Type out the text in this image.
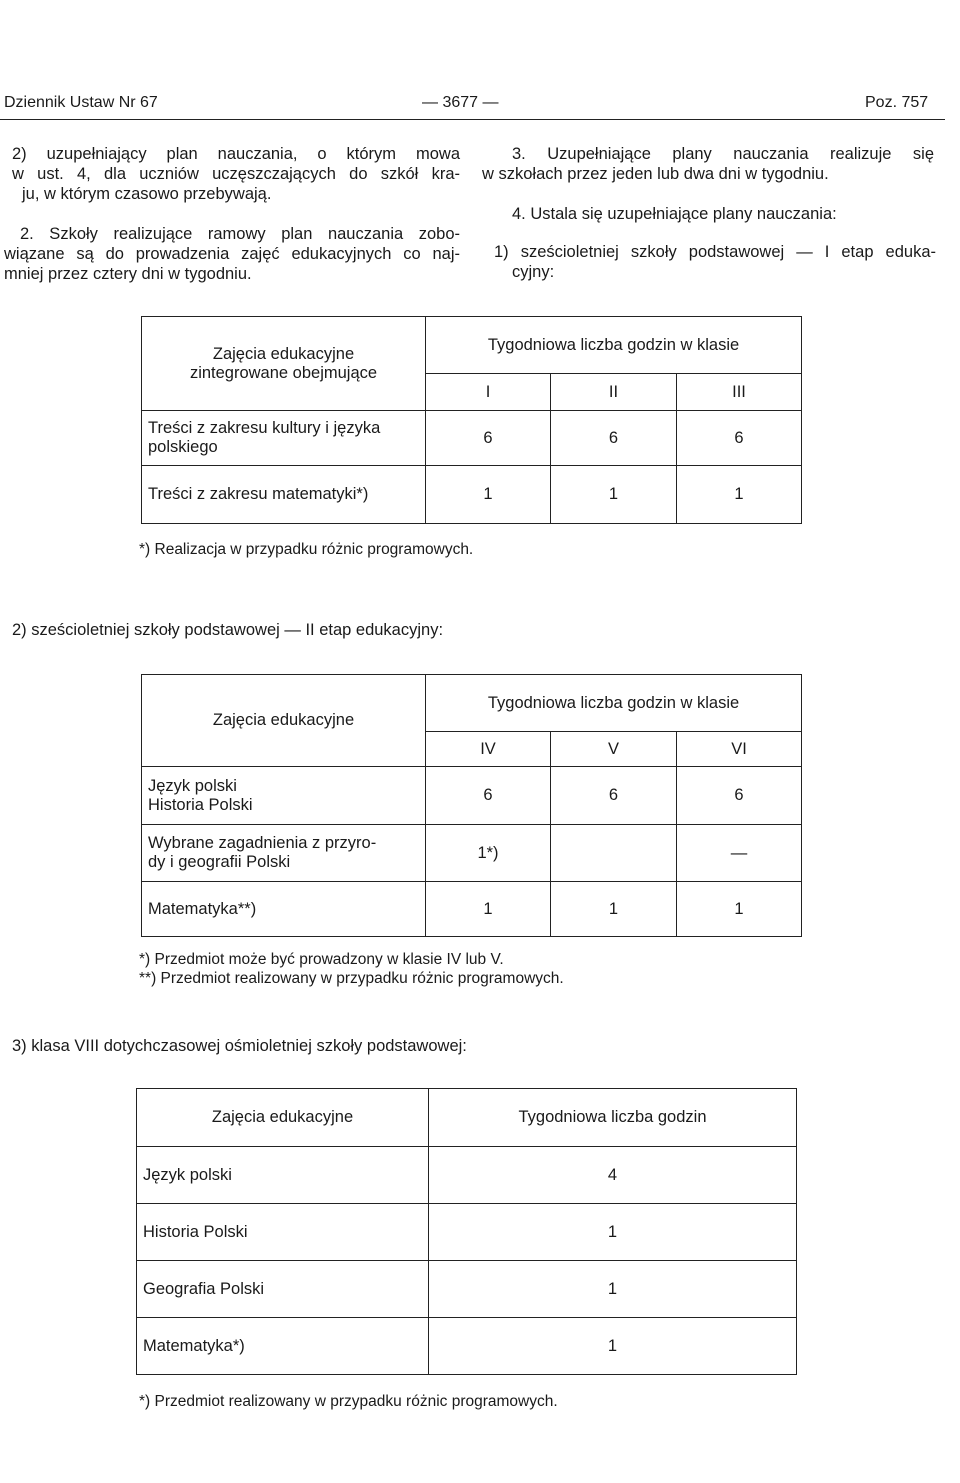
Dziennik Ustaw Nr 67	— 3677 —	Poz. 757
2) uzupełniający plan nauczania, o którym mowa
w ust. 4, dla uczniów uczęszczających do szkół kra-
ju, w którym czasowo przebywają.
2. Szkoły realizujące ramowy plan nauczania zobo-
wiązane są do prowadzenia zajęć edukacyjnych co naj-
mniej przez cztery dni w tygodniu.
3. Uzupełniające plany nauczania realizuje się
w szkołach przez jeden lub dwa dni w tygodniu.
4. Ustala się uzupełniające plany nauczania:
1) sześcioletniej szkoły podstawowej — I etap eduka-
cyjny:
Zajęcia edukacyjne
zintegrowane obejmujące	Tygodniowa liczba godzin w klasie		
	I	II	III

Treści z zakresu kultury i języka
polskiego	6	6	6
Treści z zakresu matematyki*)	1	1	1
*) Realizacja w przypadku różnic programowych.
2) sześcioletniej szkoły podstawowej — II etap edukacyjny:
Zajęcia edukacyjne	Tygodniowa liczba godzin w klasie		
	IV	V	VI

Język polski
Historia Polski	6	6	6

Wybrane zagadnienia z przyro-
dy i geografii Polski	1*)		—
Matematyka**)	1	1	1
*) Przedmiot może być prowadzony w klasie IV lub V.
**) Przedmiot realizowany w przypadku różnic programowych.
3) klasa VIII dotychczasowej ośmioletniej szkoły podstawowej:
Zajęcia edukacyjne	Tygodniowa liczba godzin
Język polski	4
Historia Polski	1
Geografia Polski	1
Matematyka*)	1
*) Przedmiot realizowany w przypadku różnic programowych.
